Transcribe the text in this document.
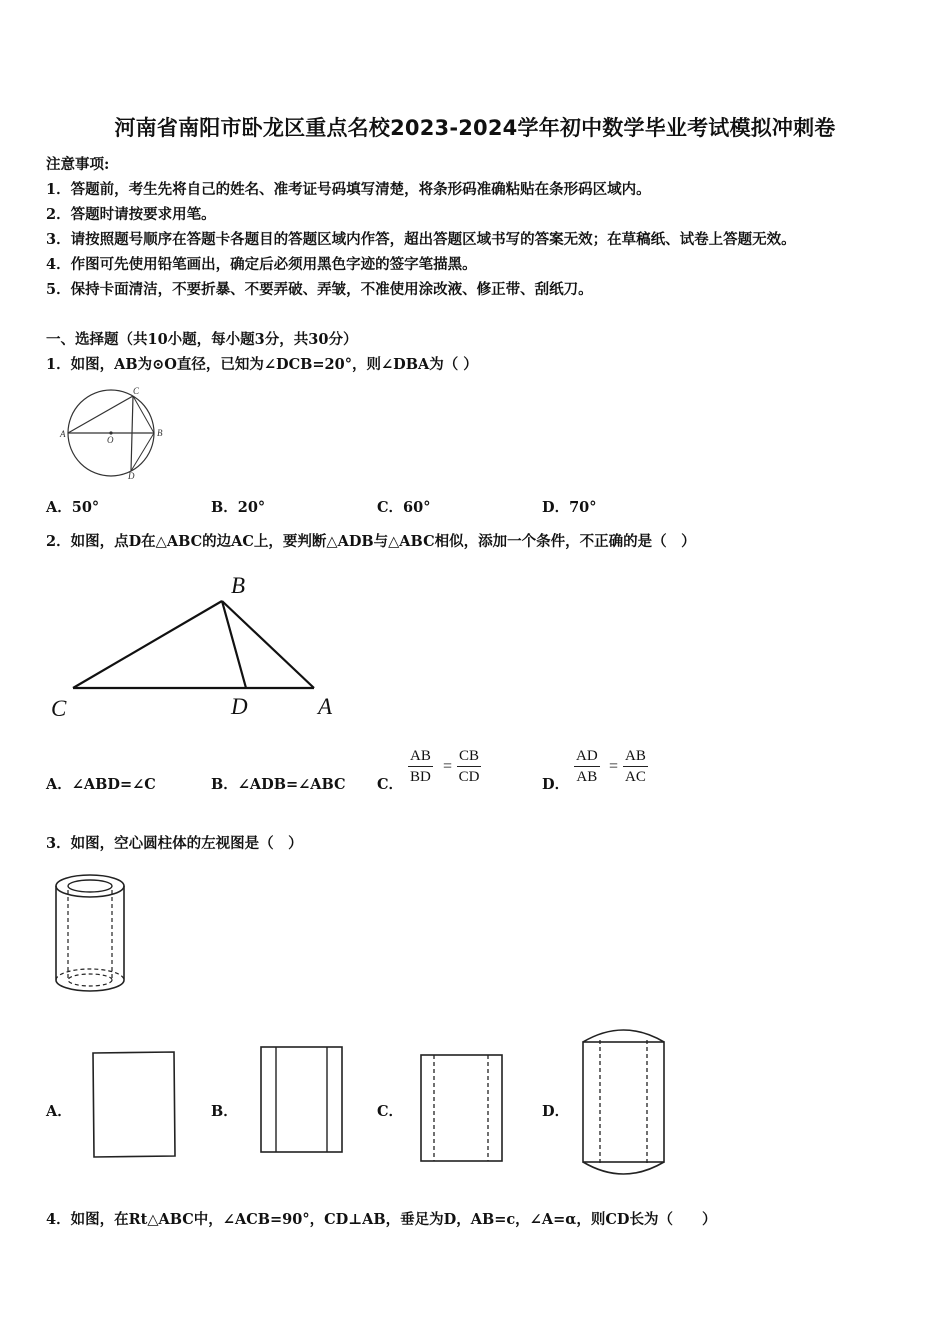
河南省南阳市卧龙区重点名校2023-2024学年初中数学毕业考试模拟冲刺卷
注意事项:
1．答题前，考生先将自己的姓名、准考证号码填写清楚，将条形码准确粘贴在条形码区域内。
2．答题时请按要求用笔。
3．请按照题号顺序在答题卡各题目的答题区域内作答，超出答题区域书写的答案无效；在草稿纸、试卷上答题无效。
4．作图可先使用铅笔画出，确定后必须用黑色字迹的签字笔描黑。
5．保持卡面清洁，不要折暴、不要弄破、弄皱，不准使用涂改液、修正带、刮纸刀。
一、选择题（共10小题，每小题3分，共30分）
1．如图，AB为⊙O直径，已知为∠DCB=20°，则∠DBA为（ ）
A
O
B
C
D
A．50°	B．20°	C．60°	D．70°
2．如图，点D在△ABC的边AC上，要判断△ADB与△ABC相似，添加一个条件，不正确的是（　）
B
C	D	A
A．∠ABD=∠C	B．∠ADB=∠ABC C． $\frac{AB}{BD} = \frac{CB}{CD}$	D． $\frac{AD}{AB} = \frac{AB}{AC}$
3．如图，空心圆柱体的左视图是（　）
A．	B．	C．	D．
4．如图，在Rt△ABC中，∠ACB=90°，CD⊥AB，垂足为D，AB=c，∠A=α，则CD长为（　　）
